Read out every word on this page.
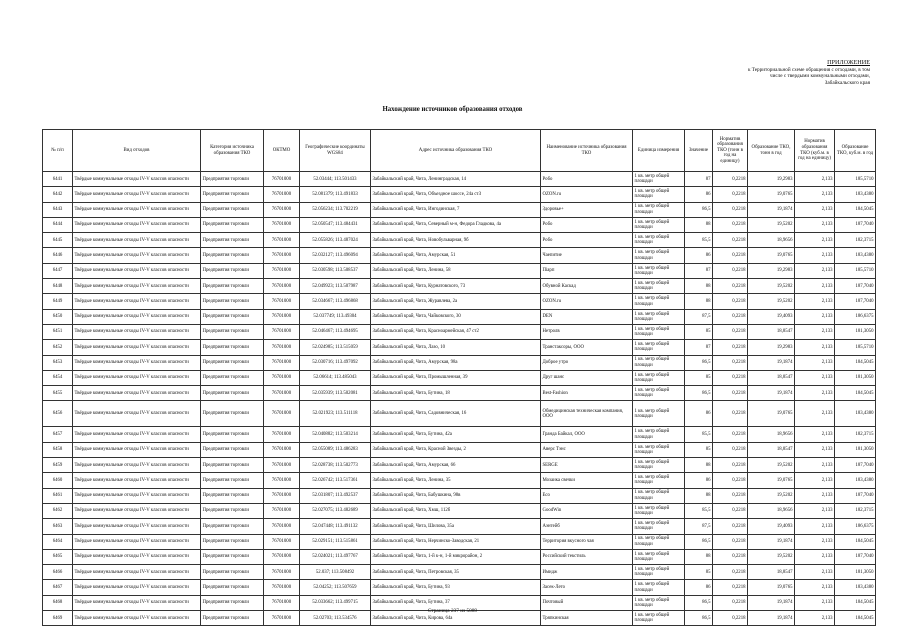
ПРИЛОЖЕНИЕ
к Территориальной схеме обращения с отходами, в том
числе с твердыми коммунальными отходами,
Забайкальского края
Нахождение источников образования отходов
№ п/п	Вид отходов	Категория источника образования ТКО	ОКТМО	Географические координаты WGS84	Адрес источника образования ТКО	Наименование источника образования ТКО	Единица измерения	Значение	Норматив образования ТКО (тонн в год на единицу)	Образование ТКО, тонн в год	Норматив образования ТКО (куб.м. в год на единицу)	Образование ТКО, куб.м. в год
6441	Твёрдые коммунальные отходы IV-V классов опасности	Предприятия торговли	76701000	52.03444; 113.501433	Забайкальский край, Чита, Ленинградская, 14	Pобо	1 кв. метр общей площади	87	0,2218	19,2983	2,133	185,5710
6442	Твёрдые коммунальные отходы IV-V классов опасности	Предприятия торговли	76701000	52.081379; 113.491833	Забайкальский край, Чита, Объездное шоссе, 24а стЗ	OZON.ru	1 кв. метр общей площади	86	0,2218	19,0765	2,133	183,4380
6443	Твёрдые коммунальные отходы IV-V классов опасности	Предприятия торговли	76701000	52.056234; 113.702219	Забайкальский край, Чита, Ингодинская, 7	Здоровье+	1 кв. метр общей площади	86,5	0,2218	19,1874	2,133	184,5045
6444	Твёрдые коммунальные отходы IV-V классов опасности	Предприятия торговли	76701000	52.050547; 113.484431	Забайкальский край, Чита, Северный м-н, Федора Гладкова, 4а	Pобо	1 кв. метр общей площади	88	0,2218	19,5202	2,133	187,7040
6445	Твёрдые коммунальные отходы IV-V классов опасности	Предприятия торговли	76701000	52.055826; 113.487024	Забайкальский край, Чита, Новобульварная, 9б	Pобо	1 кв. метр общей площади	85,5	0,2218	18,9656	2,133	182,3715
6446	Твёрдые коммунальные отходы IV-V классов опасности	Предприятия торговли	76701000	52.032127; 113.496094	Забайкальский край, Чита, Амурская, 51	Чаепитие	1 кв. метр общей площади	86	0,2218	19,0765	2,133	183,4380
6447	Твёрдые коммунальные отходы IV-V классов опасности	Предприятия торговли	76701000	52.030598; 113.508537	Забайкальский край, Чита, Ленина, 58	Пiaрп	1 кв. метр общей площади	87	0,2218	19,2983	2,133	185,5710
6448	Твёрдые коммунальные отходы IV-V классов опасности	Предприятия торговли	76701000	52.049923; 113.507987	Забайкальский край, Чита, Курнатовского, 73	Обувной Каскад	1 кв. метр общей площади	88	0,2218	19,5202	2,133	187,7040
6449	Твёрдые коммунальные отходы IV-V классов опасности	Предприятия торговли	76701000	52.034667; 113.496868	Забайкальский край, Чита, Журавлева, 2а	OZON.ru	1 кв. метр общей площади	88	0,2218	19,5202	2,133	187,7040
6450	Твёрдые коммунальные отходы IV-V классов опасности	Предприятия торговли	76701000	52.037749; 113.49304	Забайкальский край, Чита, Чайковского, 30	DEN	1 кв. метр общей площади	87,5	0,2218	19,4093	2,133	186,6375
6451	Твёрдые коммунальные отходы IV-V классов опасности	Предприятия торговли	76701000	52.046467; 113.494695	Забайкальский край, Чита, Красноармейская, 47 ст2	Нетролв	1 кв. метр общей площади	85	0,2218	18,8547	2,133	181,3050
6452	Твёрдые коммунальные отходы IV-V классов опасности	Предприятия торговли	76701000	52.024985; 113.515059	Забайкальский край, Чита, Лазо, 10	Транстаксоры, ООО	1 кв. метр общей площади	87	0,2218	19,2983	2,133	185,5710
6453	Твёрдые коммунальные отходы IV-V классов опасности	Предприятия торговли	76701000	52.030716; 113.497092	Забайкальский край, Чита, Амурская, 98а	Доброе утро	1 кв. метр общей площади	86,5	0,2218	19,1874	2,133	184,5045
6454	Твёрдые коммунальные отходы IV-V классов опасности	Предприятия торговли	76701000	52.06614; 113.485043	Забайкальский край, Чита, Промышленная, 39	Друг шанс	1 кв. метр общей площади	85	0,2218	18,8547	2,133	181,3050
6455	Твёрдые коммунальные отходы IV-V классов опасности	Предприятия торговли	76701000	52.035939; 113.502081	Забайкальский край, Чита, Бутина, 18	Best-Fashion	1 кв. метр общей площади	86,5	0,2218	19,1874	2,133	184,5045
6456	Твёрдые коммунальные отходы IV-V классов опасности	Предприятия торговли	76701000	52.021923; 113.511118	Забайкальский край, Чита, Садовническая, 16	Обмедицинская техническая компания, ООО	1 кв. метр общей площади	86	0,2218	19,0765	2,133	183,4380
6457	Твёрдые коммунальные отходы IV-V классов опасности	Предприятия торговли	76701000	52.040882; 113.503214	Забайкальский край, Чита, Бутина, 42а	Гранда Байкал, ООО	1 кв. метр общей площади	85,5	0,2218	18,9656	2,133	182,3715
6458	Твёрдые коммунальные отходы IV-V классов опасности	Предприятия торговли	76701000	52.055089; 113.486283	Забайкальский край, Чита, Красной Звезды, 2	Аверс Тэнс	1 кв. метр общей площади	85	0,2218	18,8547	2,133	181,3050
6459	Твёрдые коммунальные отходы IV-V классов опасности	Предприятия торговли	76701000	52.028738; 113.502773	Забайкальский край, Чита, Амурская, 66	SERGE	1 кв. метр общей площади	88	0,2218	19,5202	2,133	187,7040
6460	Твёрдые коммунальные отходы IV-V классов опасности	Предприятия торговли	76701000	52.026742; 113.517361	Забайкальский край, Чита, Ленина, 35	Мозаика свечки	1 кв. метр общей площади	86	0,2218	19,0765	2,133	183,4380
6461	Твёрдые коммунальные отходы IV-V классов опасности	Предприятия торговли	76701000	52.031807; 113.492537	Забайкальский край, Чита, Бабушкина, 98в	Есо	1 кв. метр общей площади	88	0,2218	19,5202	2,133	187,7040
6462	Твёрдые коммунальные отходы IV-V классов опасности	Предприятия торговли	76701000	52.027075; 113.482689	Забайкальский край, Чита, Хмш, 112б	GoodWin	1 кв. метр общей площади	85,5	0,2218	18,9656	2,133	182,3715
6463	Твёрдые коммунальные отходы IV-V классов опасности	Предприятия торговли	76701000	52.047448; 113.491132	Забайкальский край, Чита, Шилова, 35а	Аэнтейб	1 кв. метр общей площади	87,5	0,2218	19,4093	2,133	186,6375
6464	Твёрдые коммунальные отходы IV-V классов опасности	Предприятия торговли	76701000	52.029151; 113.515861	Забайкальский край, Чита, Нерчинско-Заводская, 21	Территория вкусного чая	1 кв. метр общей площади	86,5	0,2218	19,1874	2,133	184,5045
6465	Твёрдые коммунальные отходы IV-V классов опасности	Предприятия торговли	76701000	52.024021; 113.497767	Забайкальский край, Чита, 1-й к-н, 1-й микрорайон, 2	Российский текстиль	1 кв. метр общей площади	88	0,2218	19,5202	2,133	187,7040
6466	Твёрдые коммунальные отходы IV-V классов опасности	Предприятия торговли	76701000	52.037; 113.508492	Забайкальский край, Чита, Петровская, 35	Имидж	1 кв. метр общей площади	85	0,2218	18,8547	2,133	181,3050
6467	Твёрдые коммунальные отходы IV-V классов опасности	Предприятия торговли	76701000	52.04252; 113.507659	Забайкальский край, Чита, Бутина, 93	Засек-Лето	1 кв. метр общей площади	86	0,2218	19,0765	2,133	183,4380
6468	Твёрдые коммунальные отходы IV-V классов опасности	Предприятия торговли	76701000	52.033662; 113.499715	Забайкальский край, Чита, Бутина, 37	Почтовый	1 кв. метр общей площади	86,5	0,2218	19,1874	2,133	184,5045
6469	Твёрдые коммунальные отходы IV-V классов опасности	Предприятия торговли	76701000	52.02703; 113.534576	Забайкальский край, Чита, Кирова, 64а	Тряпкинская	1 кв. метр общей площади	86,5	0,2218	19,1874	2,133	184,5045
Страница 237 из 5089
